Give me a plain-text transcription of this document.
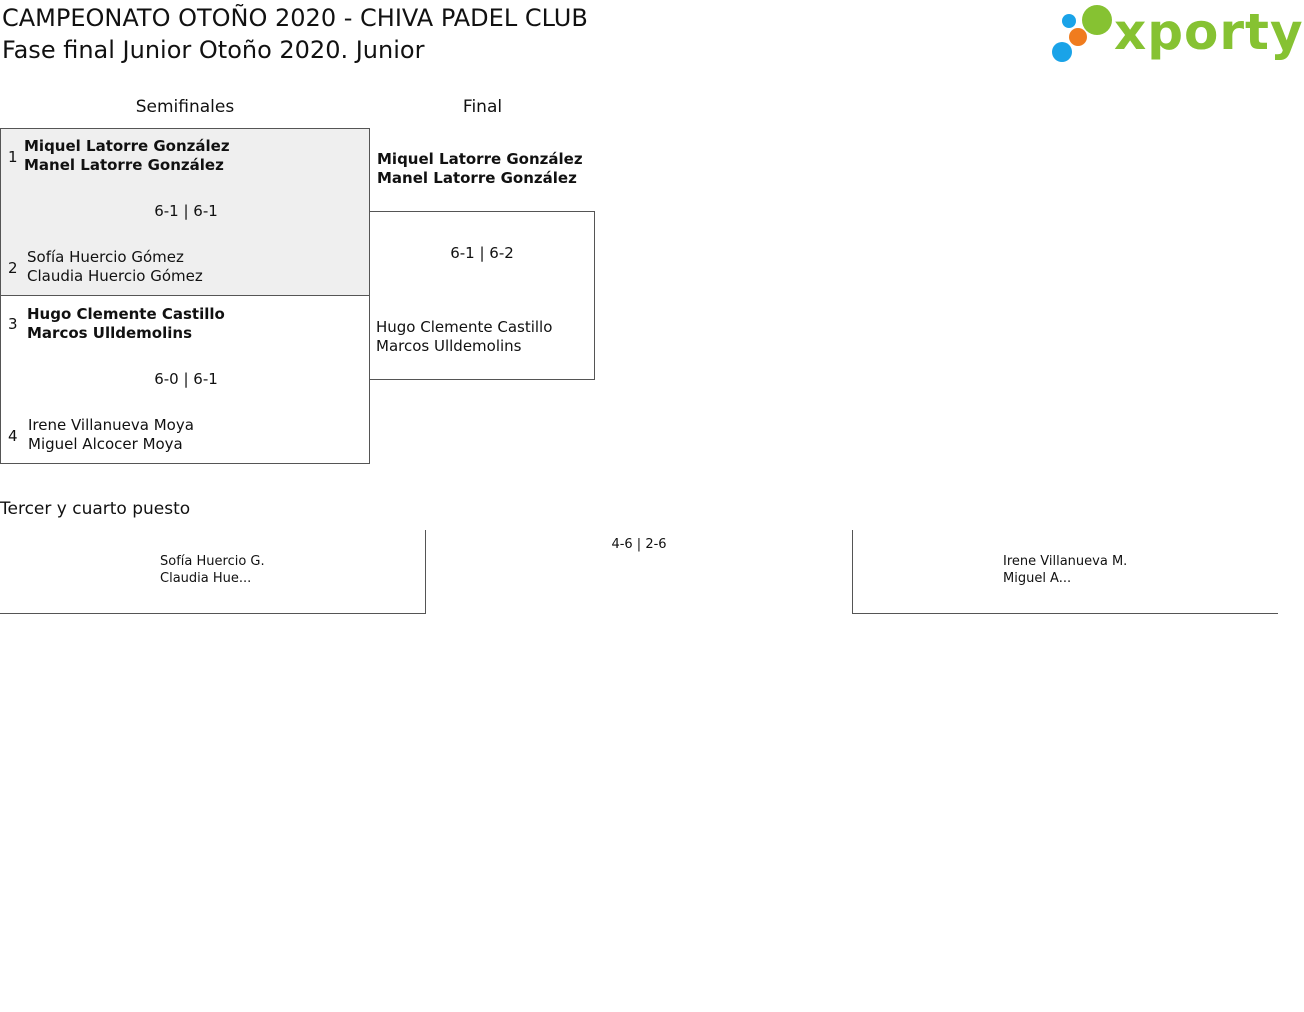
CAMPEONATO OTOÑO 2020 - CHIVA PADEL CLUB
Fase final Junior Otoño 2020. Junior	xporty
Semifinales	Final
1
Miquel Latorre González
Manel Latorre González
6-1 | 6-1
2
Sofía Huercio Gómez
Claudia Huercio Gómez
3
Hugo Clemente Castillo
Marcos Ulldemolins
6-0 | 6-1
4
Irene Villanueva Moya
Miguel Alcocer Moya
Miquel Latorre González
Manel Latorre González
6-1 | 6-2
Hugo Clemente Castillo
Marcos Ulldemolins
Tercer y cuarto puesto
Sofía Huercio G.
Claudia Hue...
4-6 | 2-6
Irene Villanueva M.
Miguel A...
